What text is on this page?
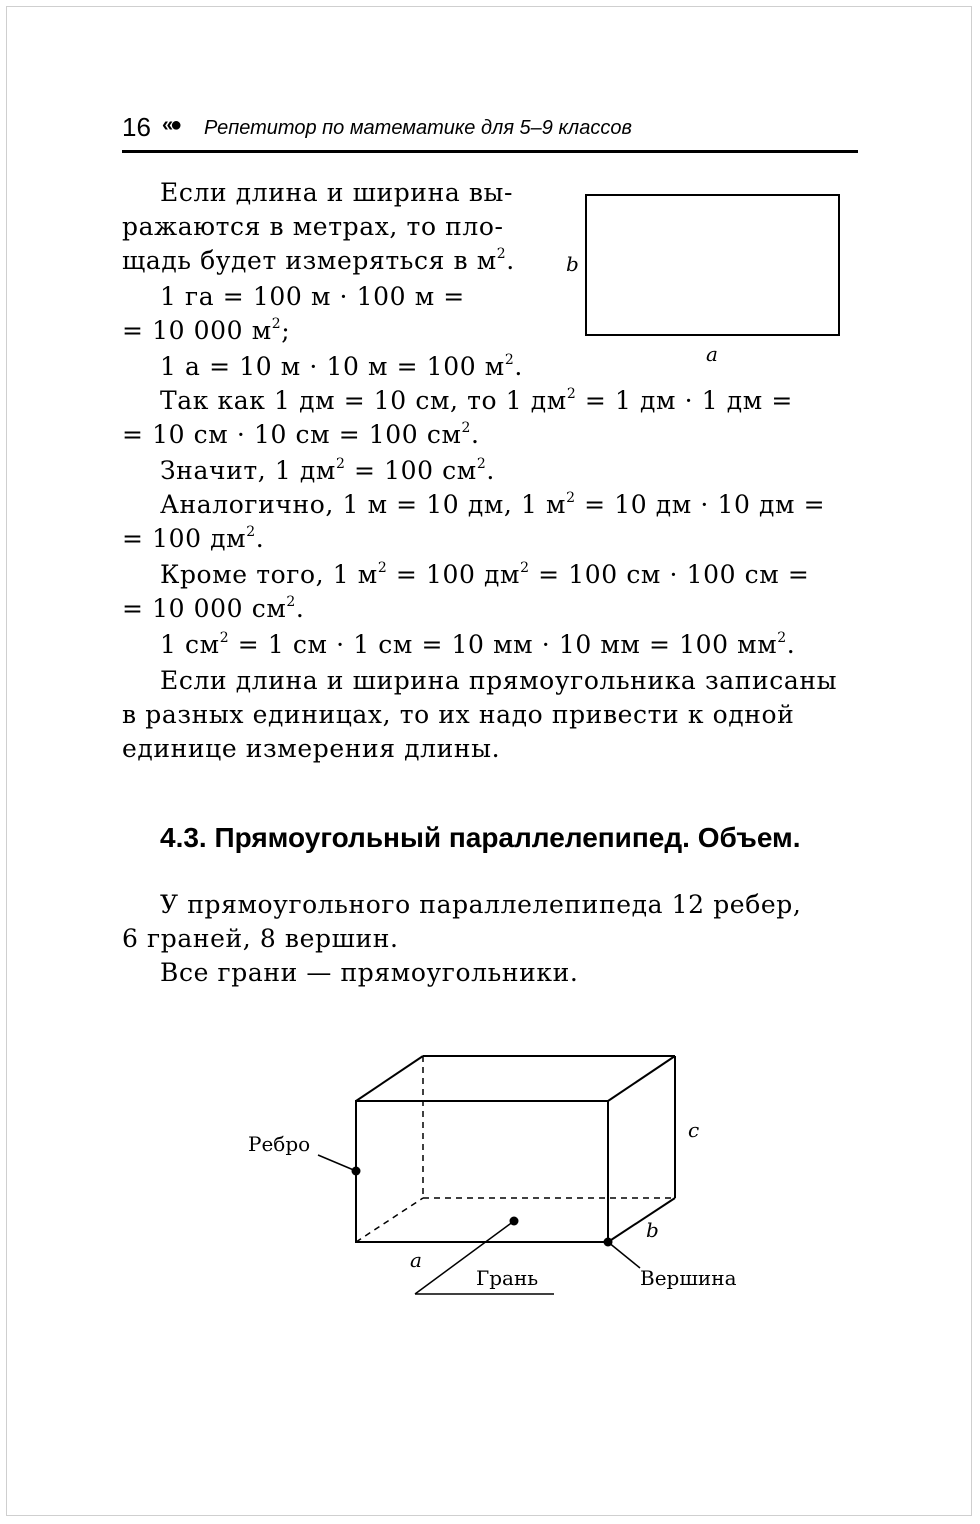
16 «● Репетитор по математике для 5–9 классов
Если длина и ширина вы-
ражаются в метрах, то пло-
щадь будет измеряться в $м^2$.
1 га = 100 м · 100 м =
= 10 000 $м^2$;
1 а = 10 м · 10 м = 100 $м^2$.
Так как 1 дм = 10 см, то 1 $дм^2 = 1$ дм · 1 дм =
= 10 см · 10 см = 100 $см^2$.
Значит, 1 $дм^2 = 100$ $см^2$.
Аналогично, 1 м = 10 дм, 1 $м^2 = 10$ дм · 10 дм =
= 100 $дм^2$.
Кроме того, 1 $м^2 = 100$ $дм^2 = 100$ см · 100 см =
= 10 000 $см^2$.
1 $см^2 = 1$ см · 1 см = 10 мм · 10 мм = 100 $мм^2$.
Если длина и ширина прямоугольника записаны
в разных единицах, то их надо привести к одной
единице измерения длины.
b
a
4.3. Прямоугольный параллелепипед. Объем.
У прямоугольного параллелепипеда 12 ребер,
6 граней, 8 вершин.
Все грани — прямоугольники.
Ребро
c
a
b
Грань	Вершина
